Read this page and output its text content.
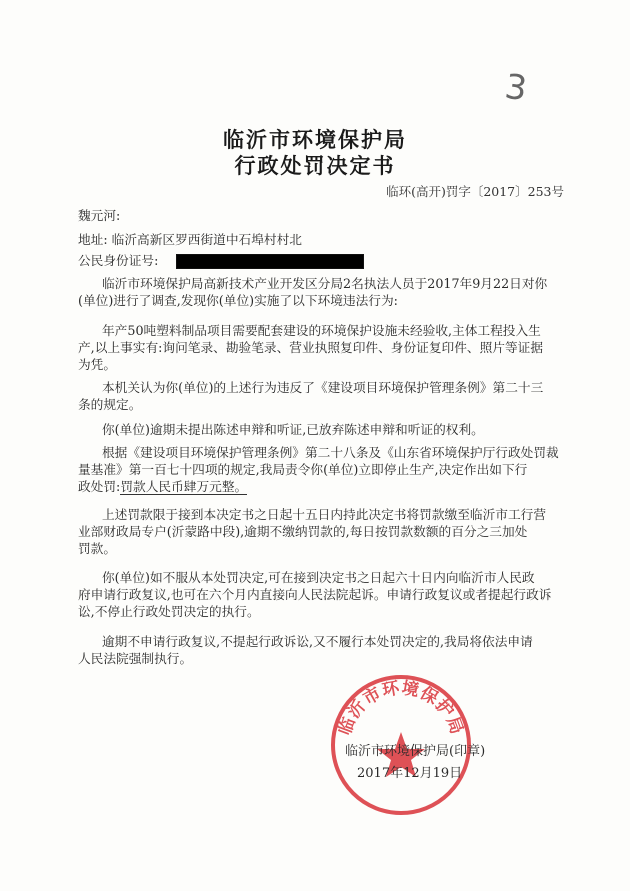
3
临沂市环境保护局
行政处罚决定书
临环(高开)罚字〔2017〕253号
魏元河:
地址: 临沂高新区罗西街道中石埠村村北
公民身份证号:
临沂市环境保护局高新技术产业开发区分局2名执法人员于2017年9月22日对你
(单位)进行了调查,发现你(单位)实施了以下环境违法行为:
年产50吨塑料制品项目需要配套建设的环境保护设施未经验收,主体工程投入生
产,以上事实有:询问笔录、勘验笔录、营业执照复印件、身份证复印件、照片等证据
为凭。
本机关认为你(单位)的上述行为违反了《建设项目环境保护管理条例》第二十三
条的规定。
你(单位)逾期未提出陈述申辩和听证,已放弃陈述申辩和听证的权利。
根据《建设项目环境保护管理条例》第二十八条及《山东省环境保护厅行政处罚裁
量基准》第一百七十四项的规定,我局责令你(单位)立即停止生产,决定作出如下行
政处罚:罚款人民币肆万元整。
上述罚款限于接到本决定书之日起十五日内持此决定书将罚款缴至临沂市工行营
业部财政局专户(沂蒙路中段),逾期不缴纳罚款的,每日按罚款数额的百分之三加处
罚款。
你(单位)如不服从本处罚决定,可在接到决定书之日起六十日内向临沂市人民政
府申请行政复议,也可在六个月内直接向人民法院起诉。申请行政复议或者提起行政诉
讼,不停止行政处罚决定的执行。
逾期不申请行政复议,不提起行政诉讼,又不履行本处罚决定的,我局将依法申请
人民法院强制执行。
临沂市环境保护局
临沂市环境保护局(印章)
2017年12月19日
